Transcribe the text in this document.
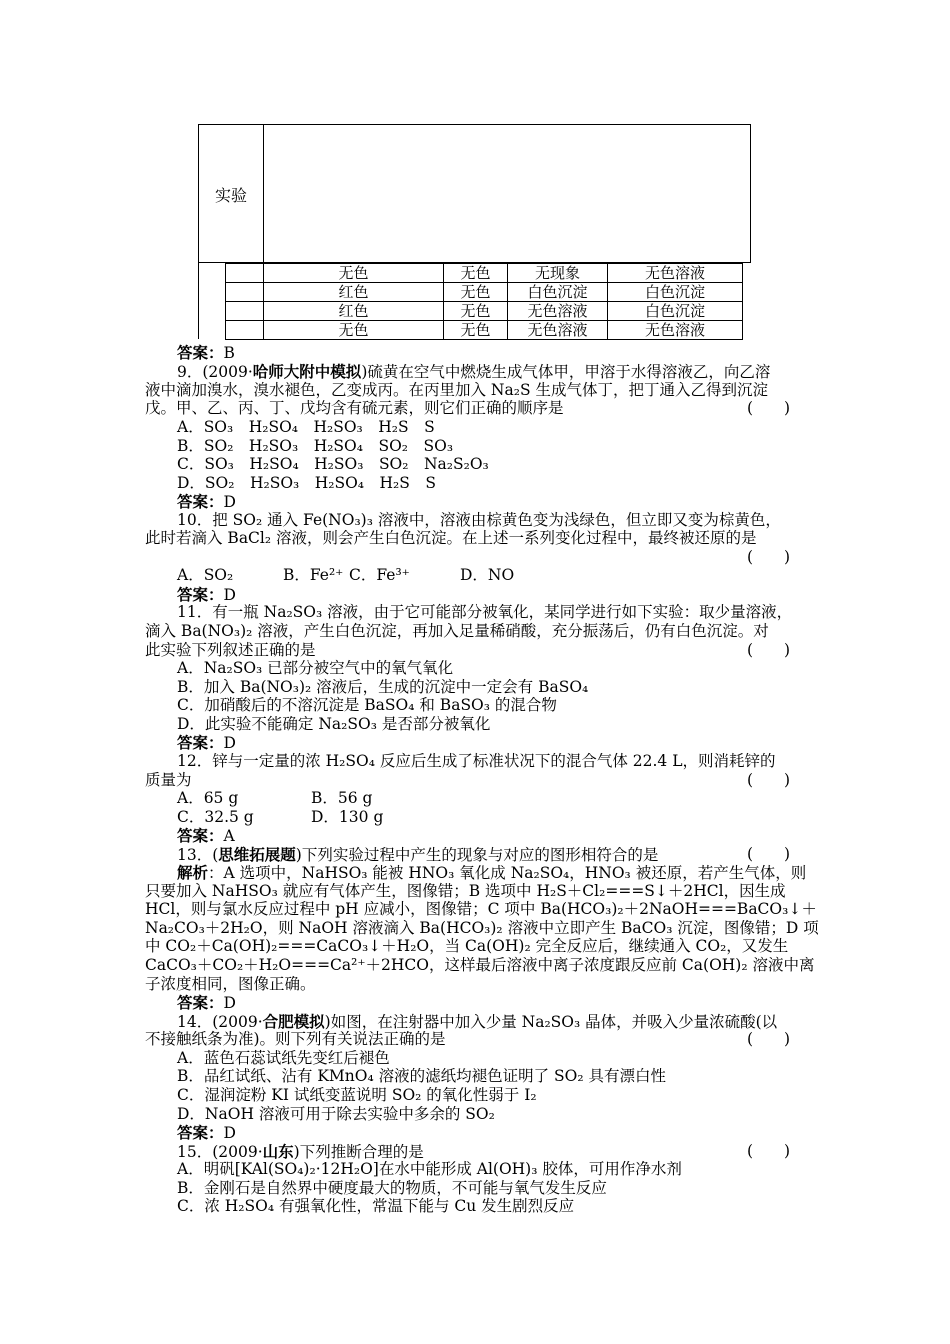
实验
	无色	无色	无现象	无色溶液
	红色	无色	白色沉淀	白色沉淀
	红色	无色	无色溶液	白色沉淀
	无色	无色	无色溶液	无色溶液
答案：B
9．(2009·哈师大附中模拟)硫黄在空气中燃烧生成气体甲，甲溶于水得溶液乙，向乙溶
液中滴加溴水，溴水褪色，乙变成丙。在丙里加入 Na₂S 生成气体丁，把丁通入乙得到沉淀
戊。甲、乙、丙、丁、戊均含有硫元素，则它们正确的顺序是	(　　)
A．SO₃　H₂SO₄　H₂SO₃　H₂S　S
B．SO₂　H₂SO₃　H₂SO₄　SO₂　SO₃
C．SO₃　H₂SO₄　H₂SO₃　SO₂　Na₂S₂O₃
D．SO₂　H₂SO₃　H₂SO₄　H₂S　S
答案：D
10．把 SO₂ 通入 Fe(NO₃)₃ 溶液中，溶液由棕黄色变为浅绿色，但立即又变为棕黄色，
此时若滴入 BaCl₂ 溶液，则会产生白色沉淀。在上述一系列变化过程中，最终被还原的是
(　　)
A．SO₂	B．Fe²⁺ C．Fe³⁺	D．NO
答案：D
11．有一瓶 Na₂SO₃ 溶液，由于它可能部分被氧化，某同学进行如下实验：取少量溶液，
滴入 Ba(NO₃)₂ 溶液，产生白色沉淀，再加入足量稀硝酸，充分振荡后，仍有白色沉淀。对
此实验下列叙述正确的是	(　　)
A．Na₂SO₃ 已部分被空气中的氧气氧化
B．加入 Ba(NO₃)₂ 溶液后，生成的沉淀中一定会有 BaSO₄
C．加硝酸后的不溶沉淀是 BaSO₄ 和 BaSO₃ 的混合物
D．此实验不能确定 Na₂SO₃ 是否部分被氧化
答案：D
12．锌与一定量的浓 H₂SO₄ 反应后生成了标准状况下的混合气体 22.4 L，则消耗锌的
质量为	(　　)
A．65 g	B．56 g
C．32.5 g	D．130 g
答案：A
13．(思维拓展题)下列实验过程中产生的现象与对应的图形相符合的是	(　　)
解析：A 选项中，NaHSO₃ 能被 HNO₃ 氧化成 Na₂SO₄，HNO₃ 被还原，若产生气体，则
只要加入 NaHSO₃ 就应有气体产生，图像错；B 选项中 H₂S＋Cl₂===S↓＋2HCl，因生成
HCl，则与氯水反应过程中 pH 应减小，图像错；C 项中 Ba(HCO₃)₂＋2NaOH===BaCO₃↓＋
Na₂CO₃＋2H₂O，则 NaOH 溶液滴入 Ba(HCO₃)₂ 溶液中立即产生 BaCO₃ 沉淀，图像错；D 项
中 CO₂＋Ca(OH)₂===CaCO₃↓＋H₂O，当 Ca(OH)₂ 完全反应后，继续通入 CO₂，又发生
CaCO₃＋CO₂＋H₂O===Ca²⁺＋2HCO，这样最后溶液中离子浓度跟反应前 Ca(OH)₂ 溶液中离
子浓度相同，图像正确。
答案：D
14．(2009·合肥模拟)如图，在注射器中加入少量 Na₂SO₃ 晶体，并吸入少量浓硫酸(以
不接触纸条为准)。则下列有关说法正确的是	(　　)
A．蓝色石蕊试纸先变红后褪色
B．品红试纸、沾有 KMnO₄ 溶液的滤纸均褪色证明了 SO₂ 具有漂白性
C．湿润淀粉 KI 试纸变蓝说明 SO₂ 的氧化性弱于 I₂
D．NaOH 溶液可用于除去实验中多余的 SO₂
答案：D
15．(2009·山东)下列推断合理的是	(　　)
A．明矾[KAl(SO₄)₂·12H₂O]在水中能形成 Al(OH)₃ 胶体，可用作净水剂
B．金刚石是自然界中硬度最大的物质，不可能与氧气发生反应
C．浓 H₂SO₄ 有强氧化性，常温下能与 Cu 发生剧烈反应
